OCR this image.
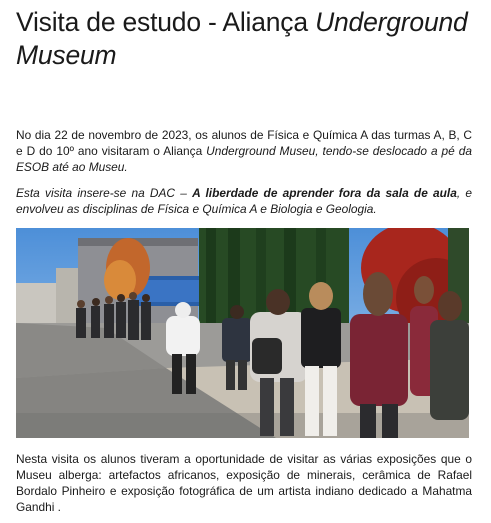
Visita de estudo - Aliança Underground Museum

No dia 22 de novembro de 2023, os alunos de Física e Química A das turmas A, B, C e D do 10º ano visitaram o Aliança Underground Museu, tendo-se deslocado a pé da ESOB até ao Museu.

Esta visita insere-se na DAC – A liberdade de aprender fora da sala de aula, e envolveu as disciplinas de Física e Química A e Biologia e Geologia.

Nesta visita os alunos tiveram a oportunidade de visitar as várias exposições que o Museu alberga: artefactos africanos, exposição de minerais, cerâmica de Rafael Bordalo Pinheiro e exposição fotográfica de um artista indiano dedicado a Mahatma Gandhi .
